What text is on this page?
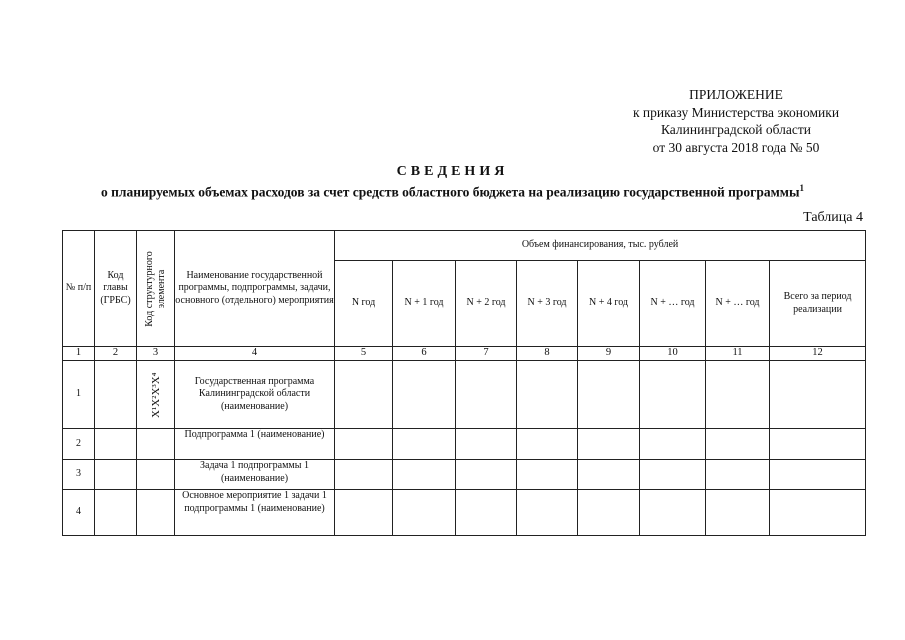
ПРИЛОЖЕНИЕ
к приказу Министерства экономики
Калининградской области
от 30 августа 2018 года № 50
СВЕДЕНИЯ
о планируемых объемах расходов за счет средств областного бюджета на реализацию государственной программы$^1$
Таблица 4
№ п/п	Код главы (ГРБС)	Код структурного элемента	Наименование государственной программы, подпрограммы, задачи, основного (отдельного) мероприятия	Объем финансирования, тыс. рублей							
				N год	N + 1 год	N + 2 год	N + 3 год	N + 4 год	N + … год	N + … год	Всего за период реализации
1	2	3	4	5	6	7	8	9	10	11	12
1		X¹X²X³X⁴	Государственная программа Калининградской области (наименование)								
2			Подпрограмма 1 (наименование)								
3			Задача 1 подпрограммы 1 (наименование)								
4			Основное мероприятие 1 задачи 1 подпрограммы 1 (наименование)								
